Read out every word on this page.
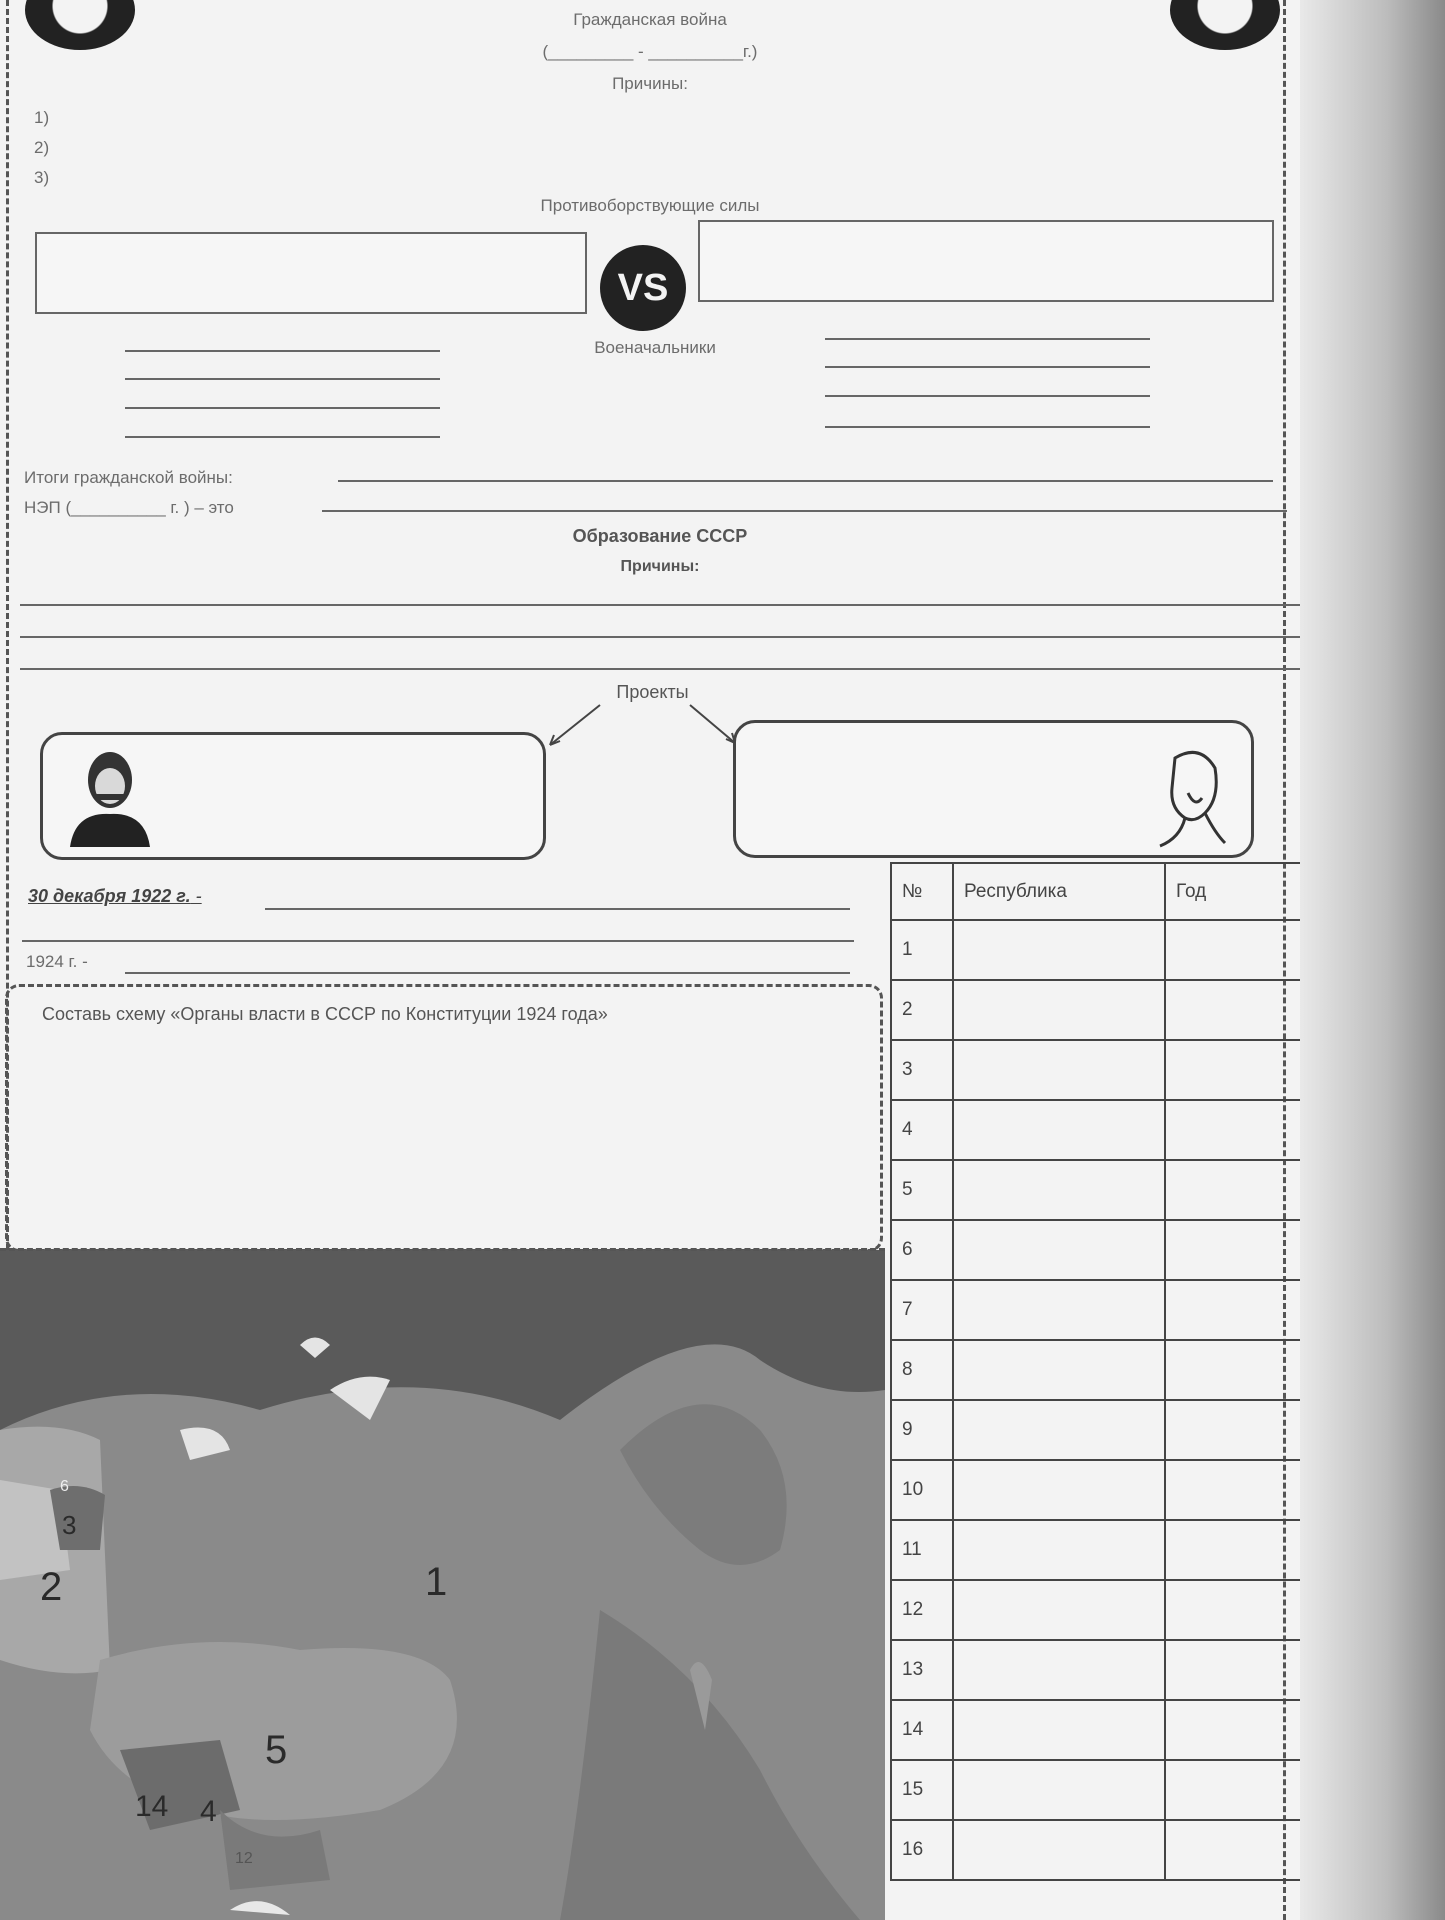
Гражданская война
(_________ - __________г.)
Причины:
1)
2)
3)
Противоборствующие силы
VS
Военачальники
Итоги гражданской войны:
НЭП (__________ г. ) – это
Образование СССР
Причины:
Проекты
30 декабря 1922 г. -
1924 г. -
Составь схему «Органы власти в СССР по Конституции 1924 года»
№	Республика	Год
1		
2		
3		
4		
5		
6		
7		
8		
9		
10		
11		
12		
13		
14		
15		
16		
1
2
3
4
5
14
6
12
